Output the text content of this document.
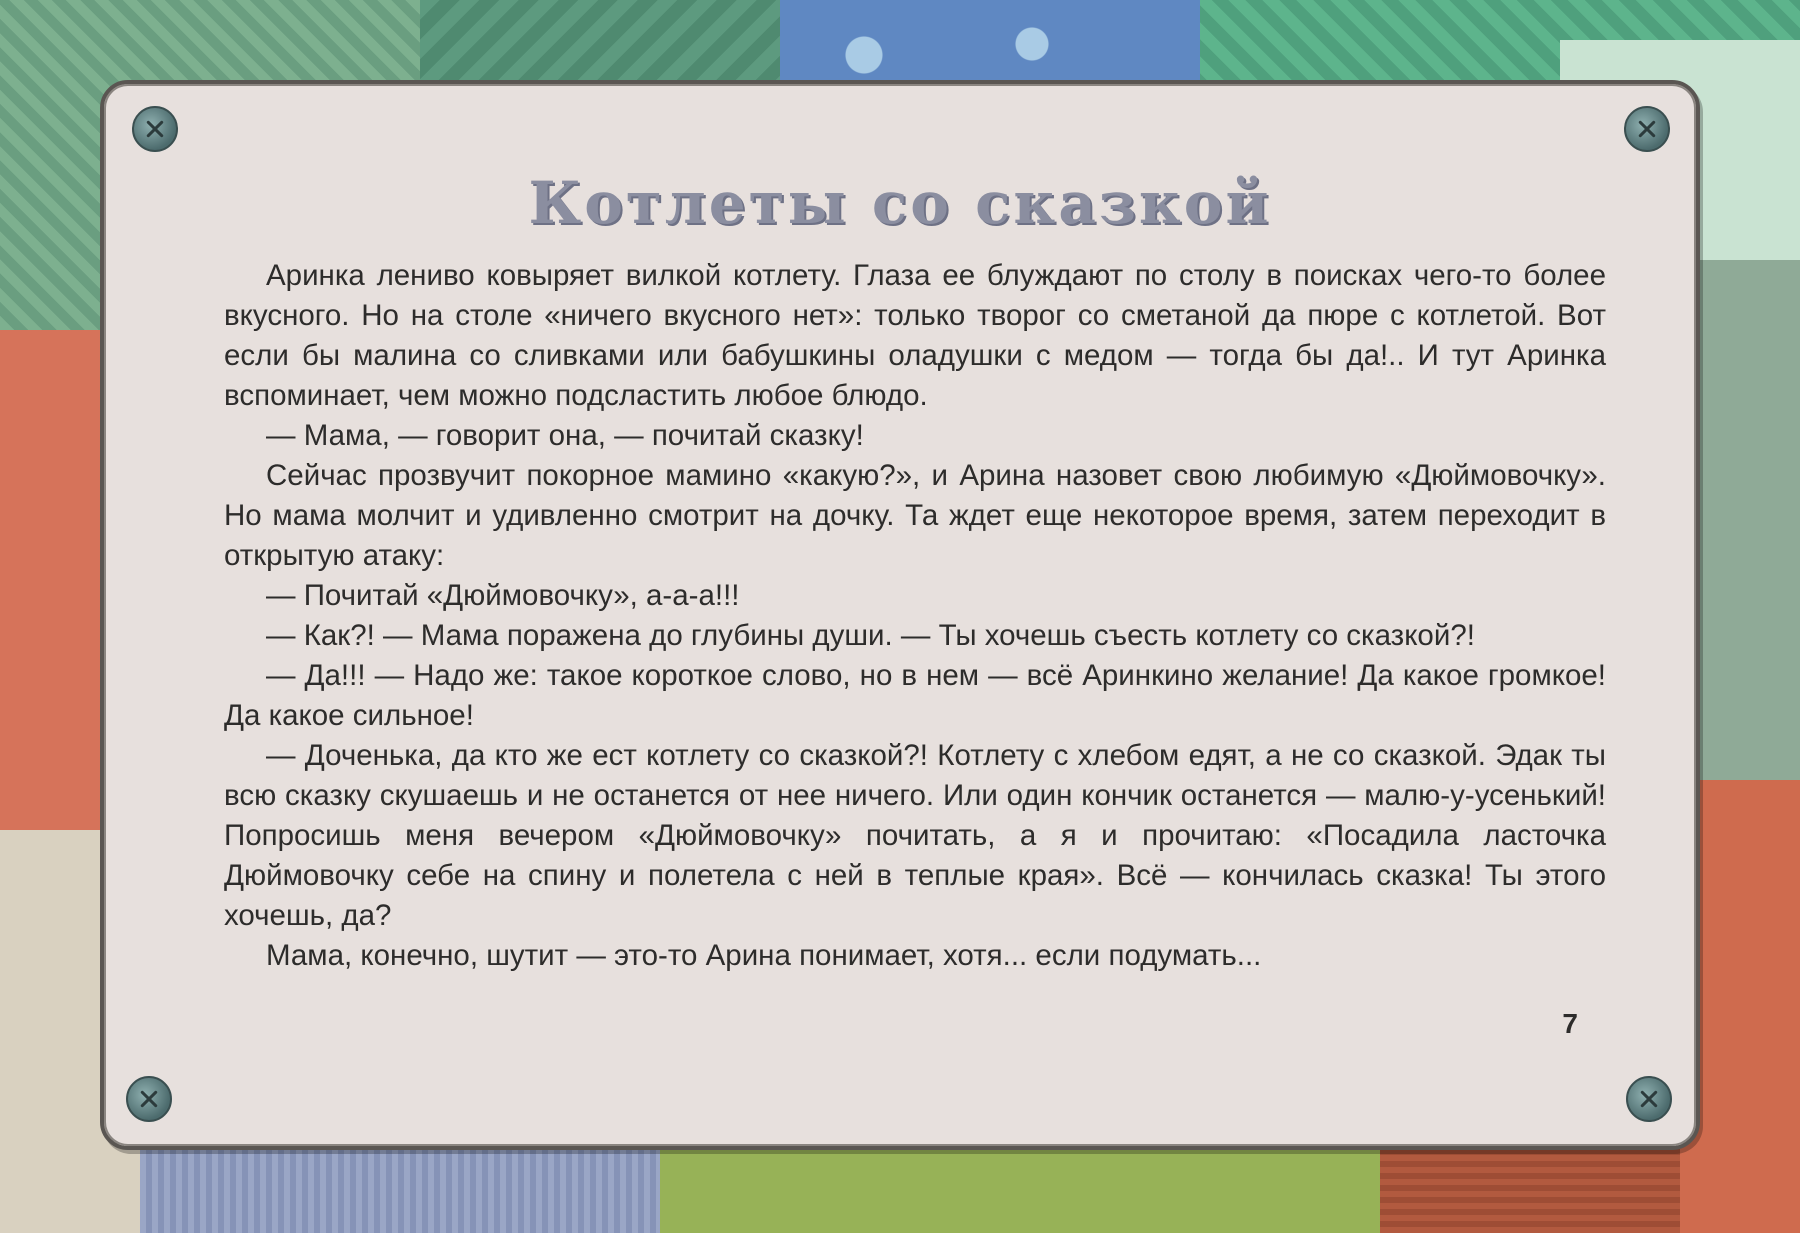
Котлеты со сказкой

Аринка лениво ковыряет вилкой котлету. Глаза ее блуждают по столу в поисках чего-то более вкусного. Но на столе «ничего вкусного нет»: только творог со сметаной да пюре с котлетой. Вот если бы малина со сливками или бабушкины оладушки с медом — тогда бы да!.. И тут Аринка вспоминает, чем можно подсластить любое блюдо.

— Мама, — говорит она, — почитай сказку!

Сейчас прозвучит покорное мамино «какую?», и Арина назовет свою любимую «Дюймовочку». Но мама молчит и удивленно смотрит на дочку. Та ждет еще некоторое время, затем переходит в открытую атаку:

— Почитай «Дюймовочку», а-а-а!!!

— Как?! — Мама поражена до глубины души. — Ты хочешь съесть котлету со сказкой?!

— Да!!! — Надо же: такое короткое слово, но в нем — всё Аринкино желание! Да какое громкое! Да какое сильное!

— Доченька, да кто же ест котлету со сказкой?! Котлету с хлебом едят, а не со сказкой. Эдак ты всю сказку скушаешь и не останется от нее ничего. Или один кончик останется — малю-у-усенький! Попросишь меня вечером «Дюймовочку» почитать, а я и прочитаю: «Посадила ласточка Дюймовочку себе на спину и полетела с ней в теплые края». Всё — кончилась сказка! Ты этого хочешь, да?

Мама, конечно, шутит — это-то Арина понимает, хотя... если подумать...

7
